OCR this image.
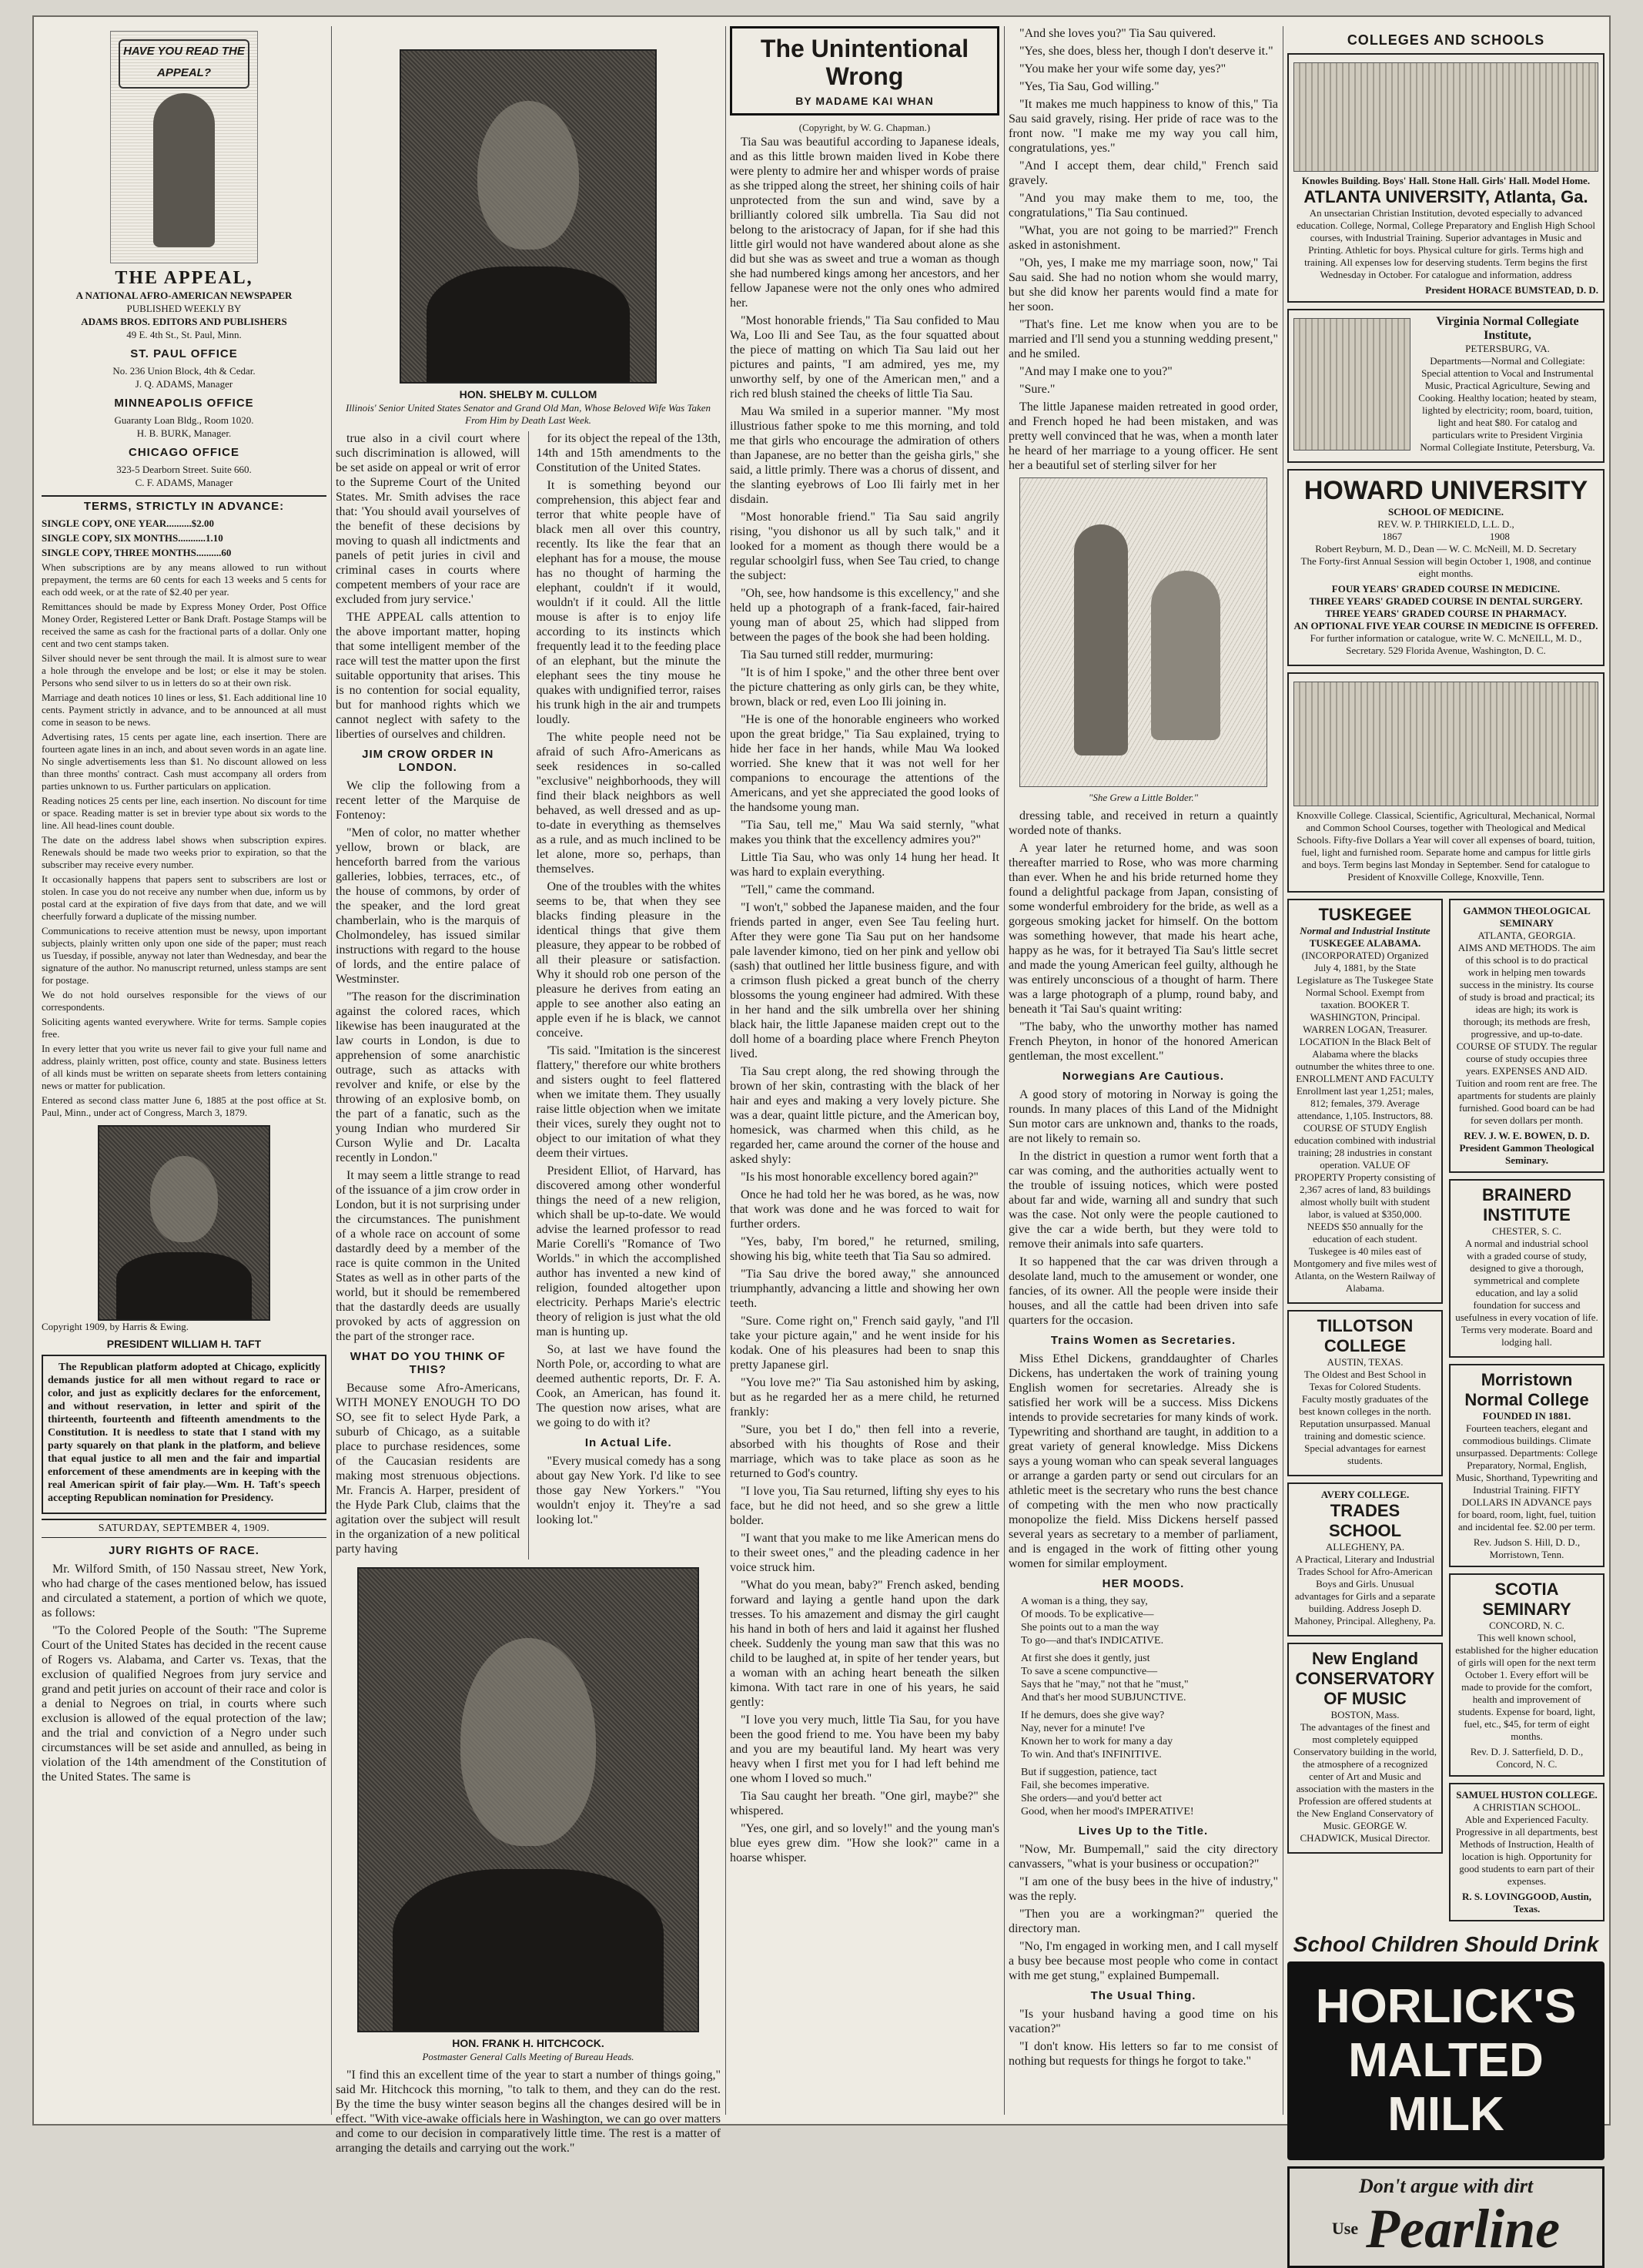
HAVE YOU READ THE APPEAL?
THE APPEAL,
A NATIONAL AFRO-AMERICAN NEWSPAPER
PUBLISHED WEEKLY BY
ADAMS BROS. EDITORS AND PUBLISHERS
49 E. 4th St., St. Paul, Minn.
ST. PAUL OFFICE
No. 236 Union Block, 4th & Cedar.
J. Q. ADAMS, Manager
MINNEAPOLIS OFFICE
Guaranty Loan Bldg., Room 1020.
H. B. BURK, Manager.
CHICAGO OFFICE
323-5 Dearborn Street. Suite 660.
C. F. ADAMS, Manager
TERMS, STRICTLY IN ADVANCE:
SINGLE COPY, ONE YEAR..........$2.00
SINGLE COPY, SIX MONTHS...........1.10
SINGLE COPY, THREE MONTHS..........60
When subscriptions are by any means allowed to run without prepayment, the terms are 60 cents for each 13 weeks and 5 cents for each odd week, or at the rate of $2.40 per year.
Remittances should be made by Express Money Order, Post Office Money Order, Registered Letter or Bank Draft. Postage Stamps will be received the same as cash for the fractional parts of a dollar. Only one cent and two cent stamps taken.
Silver should never be sent through the mail. It is almost sure to wear a hole through the envelope and be lost; or else it may be stolen. Persons who send silver to us in letters do so at their own risk.
Marriage and death notices 10 lines or less, $1. Each additional line 10 cents. Payment strictly in advance, and to be announced at all must come in season to be news.
Advertising rates, 15 cents per agate line, each insertion. There are fourteen agate lines in an inch, and about seven words in an agate line. No single advertisements less than $1. No discount allowed on less than three months' contract. Cash must accompany all orders from parties unknown to us. Further particulars on application.
Reading notices 25 cents per line, each insertion. No discount for time or space. Reading matter is set in brevier type about six words to the line. All head-lines count double.
The date on the address label shows when subscription expires. Renewals should be made two weeks prior to expiration, so that the subscriber may receive every number.
It occasionally happens that papers sent to subscribers are lost or stolen. In case you do not receive any number when due, inform us by postal card at the expiration of five days from that date, and we will cheerfully forward a duplicate of the missing number.
Communications to receive attention must be newsy, upon important subjects, plainly written only upon one side of the paper; must reach us Tuesday, if possible, anyway not later than Wednesday, and bear the signature of the author. No manuscript returned, unless stamps are sent for postage.
We do not hold ourselves responsible for the views of our correspondents.
Soliciting agents wanted everywhere. Write for terms. Sample copies free.
In every letter that you write us never fail to give your full name and address, plainly written, post office, county and state. Business letters of all kinds must be written on separate sheets from letters containing news or matter for publication.
Entered as second class matter June 6, 1885 at the post office at St. Paul, Minn., under act of Congress, March 3, 1879.
Copyright 1909, by Harris & Ewing.
PRESIDENT WILLIAM H. TAFT

The Republican platform adopted at Chicago, explicitly demands justice for all men without regard to race or color, and just as explicitly declares for the enforcement, and without reservation, in letter and spirit of the thirteenth, fourteenth and fifteenth amendments to the Constitution. It is needless to state that I stand with my party squarely on that plank in the platform, and believe that equal justice to all men and the fair and impartial enforcement of these amendments are in keeping with the real American spirit of fair play.—Wm. H. Taft's speech accepting Republican nomination for Presidency.

SATURDAY, SEPTEMBER 4, 1909.
JURY RIGHTS OF RACE.

Mr. Wilford Smith, of 150 Nassau street, New York, who had charge of the cases mentioned below, has issued and circulated a statement, a portion of which we quote, as follows:

"To the Colored People of the South: "The Supreme Court of the United States has decided in the recent cause of Rogers vs. Alabama, and Carter vs. Texas, that the exclusion of qualified Negroes from jury service and grand and petit juries on account of their race and color is a denial to Negroes on trial, in courts where such exclusion is allowed of the equal protection of the law; and the trial and conviction of a Negro under such circumstances will be set aside and annulled, as being in violation of the 14th amendment of the Constitution of the United States. The same is

HON. SHELBY M. CULLOM
Illinois' Senior United States Senator and Grand Old Man, Whose Beloved Wife Was Taken From Him by Death Last Week.

true also in a civil court where such discrimination is allowed, will be set aside on appeal or writ of error to the Supreme Court of the United States. Mr. Smith advises the race that: 'You should avail yourselves of the benefit of these decisions by moving to quash all indictments and panels of petit juries in civil and criminal cases in courts where competent members of your race are excluded from jury service.'

THE APPEAL calls attention to the above important matter, hoping that some intelligent member of the race will test the matter upon the first suitable opportunity that arises. This is no contention for social equality, but for manhood rights which we cannot neglect with safety to the liberties of ourselves and children.

JIM CROW ORDER IN LONDON.

We clip the following from a recent letter of the Marquise de Fontenoy:

"Men of color, no matter whether yellow, brown or black, are henceforth barred from the various galleries, lobbies, terraces, etc., of the house of commons, by order of the speaker, and the lord great chamberlain, who is the marquis of Cholmondeley, has issued similar instructions with regard to the house of lords, and the entire palace of Westminster.

"The reason for the discrimination against the colored races, which likewise has been inaugurated at the law courts in London, is due to apprehension of some anarchistic outrage, such as attacks with revolver and knife, or else by the throwing of an explosive bomb, on the part of a fanatic, such as the young Indian who murdered Sir Curson Wylie and Dr. Lacalta recently in London."

It may seem a little strange to read of the issuance of a jim crow order in London, but it is not surprising under the circumstances. The punishment of a whole race on account of some dastardly deed by a member of the race is quite common in the United States as well as in other parts of the world, but it should be remembered that the dastardly deeds are usually provoked by acts of aggression on the part of the stronger race.

WHAT DO YOU THINK OF THIS?

Because some Afro-Americans, WITH MONEY ENOUGH TO DO SO, see fit to select Hyde Park, a suburb of Chicago, as a suitable place to purchase residences, some of the Caucasian residents are making most strenuous objections. Mr. Francis A. Harper, president of the Hyde Park Club, claims that the agitation over the subject will result in the organization of a new political party having

for its object the repeal of the 13th, 14th and 15th amendments to the Constitution of the United States.

It is something beyond our comprehension, this abject fear and terror that white people have of black men all over this country, recently. Its like the fear that an elephant has for a mouse, the mouse has no thought of harming the elephant, couldn't if it would, wouldn't if it could. All the little mouse is after is to enjoy life according to its instincts which frequently lead it to the feeding place of an elephant, but the minute the elephant sees the tiny mouse he quakes with undignified terror, raises his trunk high in the air and trumpets loudly.

The white people need not be afraid of such Afro-Americans as seek residences in so-called "exclusive" neighborhoods, they will find their black neighbors as well behaved, as well dressed and as up-to-date in everything as themselves as a rule, and as much inclined to be let alone, more so, perhaps, than themselves.

One of the troubles with the whites seems to be, that when they see blacks finding pleasure in the identical things that give them pleasure, they appear to be robbed of all their pleasure or satisfaction. Why it should rob one person of the pleasure he derives from eating an apple to see another also eating an apple even if he is black, we cannot conceive.

'Tis said. "Imitation is the sincerest flattery," therefore our white brothers and sisters ought to feel flattered when we imitate them. They usually raise little objection when we imitate their vices, surely they ought not to object to our imitation of what they deem their virtues.

President Elliot, of Harvard, has discovered among other wonderful things the need of a new religion, which shall be up-to-date. We would advise the learned professor to read Marie Corelli's "Romance of Two Worlds." in which the accomplished author has invented a new kind of religion, founded altogether upon electricity. Perhaps Marie's electric theory of religion is just what the old man is hunting up.

So, at last we have found the North Pole, or, according to what are deemed authentic reports, Dr. F. A. Cook, an American, has found it. The question now arises, what are we going to do with it?

In Actual Life.

"Every musical comedy has a song about gay New York. I'd like to see those gay New Yorkers." "You wouldn't enjoy it. They're a sad looking lot."

HON. FRANK H. HITCHCOCK.
Postmaster General Calls Meeting of Bureau Heads.

"I find this an excellent time of the year to start a number of things going," said Mr. Hitchcock this morning, "to talk to them, and they can do the rest. By the time the busy winter season begins all the changes desired will be in effect. "With vice-awake officials here in Washington, we can go over matters and come to our decision in comparatively little time. The rest is a matter of arranging the details and carrying out the work."

The Unintentional Wrong
BY MADAME KAI WHAN
(Copyright, by W. G. Chapman.)

Tia Sau was beautiful according to Japanese ideals, and as this little brown maiden lived in Kobe there were plenty to admire her and whisper words of praise as she tripped along the street, her shining coils of hair unprotected from the sun and wind, save by a brilliantly colored silk umbrella. Tia Sau did not belong to the aristocracy of Japan, for if she had this little girl would not have wandered about alone as she did but she was as sweet and true a woman as though she had numbered kings among her ancestors, and her fellow Japanese were not the only ones who admired her.

"Most honorable friends," Tia Sau confided to Mau Wa, Loo Ili and See Tau, as the four squatted about the piece of matting on which Tia Sau laid out her pictures and paints, "I am admired, yes me, my unworthy self, by one of the American men," and a rich red blush stained the cheeks of little Tia Sau.

Mau Wa smiled in a superior manner. "My most illustrious father spoke to me this morning, and told me that girls who encourage the admiration of others than Japanese, are no better than the geisha girls," she said, a little primly. There was a chorus of dissent, and the slanting eyebrows of Loo Ili fairly met in her disdain.

"Most honorable friend." Tia Sau said angrily rising, "you dishonor us all by such talk," and it looked for a moment as though there would be a regular schoolgirl fuss, when See Tau cried, to change the subject:

"Oh, see, how handsome is this excellency," and she held up a photograph of a frank-faced, fair-haired young man of about 25, which had slipped from between the pages of the book she had been holding.

Tia Sau turned still redder, murmuring:

"It is of him I spoke," and the other three bent over the picture chattering as only girls can, be they white, brown, black or red, even Loo Ili joining in.

"He is one of the honorable engineers who worked upon the great bridge," Tia Sau explained, trying to hide her face in her hands, while Mau Wa looked worried. She knew that it was not well for her companions to encourage the attentions of the Americans, and yet she appreciated the good looks of the handsome young man.

"Tia Sau, tell me," Mau Wa said sternly, "what makes you think that the excellency admires you?"

Little Tia Sau, who was only 14 hung her head. It was hard to explain everything.

"Tell," came the command.

"I won't," sobbed the Japanese maiden, and the four friends parted in anger, even See Tau feeling hurt. After they were gone Tia Sau put on her handsome pale lavender kimono, tied on her pink and yellow obi (sash) that outlined her little business figure, and with a crimson flush picked a great bunch of the cherry blossoms the young engineer had admired. With these in her hand and the silk umbrella over her shining black hair, the little Japanese maiden crept out to the doll home of a boarding place where French Pheyton lived.

Tia Sau crept along, the red showing through the brown of her skin, contrasting with the black of her hair and eyes and making a very lovely picture. She was a dear, quaint little picture, and the American boy, homesick, was charmed when this child, as he regarded her, came around the corner of the house and asked shyly:

"Is his most honorable excellency bored again?"

Once he had told her he was bored, as he was, now that work was done and he was forced to wait for further orders.

"Yes, baby, I'm bored," he returned, smiling, showing his big, white teeth that Tia Sau so admired.

"Tia Sau drive the bored away," she announced triumphantly, advancing a little and showing her own teeth.

"Sure. Come right on," French said gayly, "and I'll take your picture again," and he went inside for his kodak. One of his pleasures had been to snap this pretty Japanese girl.

"You love me?" Tia Sau astonished him by asking, but as he regarded her as a mere child, he returned frankly:

"Sure, you bet I do," then fell into a reverie, absorbed with his thoughts of Rose and their marriage, which was to take place as soon as he returned to God's country.

"I love you, Tia Sau returned, lifting shy eyes to his face, but he did not heed, and so she grew a little bolder.

"I want that you make to me like American mens do to their sweet ones," and the pleading cadence in her voice struck him.

"What do you mean, baby?" French asked, bending forward and laying a gentle hand upon the dark tresses. To his amazement and dismay the girl caught his hand in both of hers and laid it against her flushed cheek. Suddenly the young man saw that this was no child to be laughed at, in spite of her tender years, but a woman with an aching heart beneath the silken kimona. With tact rare in one of his years, he said gently:

"I love you very much, little Tia Sau, for you have been the good friend to me. You have been my baby and you are my beautiful land. My heart was very heavy when I first met you for I had left behind me one whom I loved so much."

Tia Sau caught her breath. "One girl, maybe?" she whispered.

"Yes, one girl, and so lovely!" and the young man's blue eyes grew dim. "How she look?" came in a hoarse whisper.

"And she loves you?" Tia Sau quivered.

"Yes, she does, bless her, though I don't deserve it."

"You make her your wife some day, yes?"

"Yes, Tia Sau, God willing."

"It makes me much happiness to know of this," Tia Sau said gravely, rising. Her pride of race was to the front now. "I make me my way you call him, congratulations, yes."

"And I accept them, dear child," French said gravely.

"And you may make them to me, too, the congratulations," Tia Sau continued.

"What, you are not going to be married?" French asked in astonishment.

"Oh, yes, I make me my marriage soon, now," Tai Sau said. She had no notion whom she would marry, but she did know her parents would find a mate for her soon.

"That's fine. Let me know when you are to be married and I'll send you a stunning wedding present," and he smiled.

"And may I make one to you?"

"Sure."

The little Japanese maiden retreated in good order, and French hoped he had been mistaken, and was pretty well convinced that he was, when a month later he heard of her marriage to a young officer. He sent her a beautiful set of sterling silver for her

"She Grew a Little Bolder."

dressing table, and received in return a quaintly worded note of thanks.

A year later he returned home, and was soon thereafter married to Rose, who was more charming than ever. When he and his bride returned home they found a delightful package from Japan, consisting of some wonderful embroidery for the bride, as well as a gorgeous smoking jacket for himself. On the bottom was something however, that made his heart ache, happy as he was, for it betrayed Tia Sau's little secret and made the young American feel guilty, although he was entirely unconscious of a thought of harm. There was a large photograph of a plump, round baby, and beneath it 'Tai Sau's quaint writing:

"The baby, who the unworthy mother has named French Pheyton, in honor of the honored American gentleman, the most excellent."

Norwegians Are Cautious.

A good story of motoring in Norway is going the rounds. In many places of this Land of the Midnight Sun motor cars are unknown and, thanks to the roads, are not likely to remain so.

In the district in question a rumor went forth that a car was coming, and the authorities actually went to the trouble of issuing notices, which were posted about far and wide, warning all and sundry that such was the case. Not only were the people cautioned to give the car a wide berth, but they were told to remove their animals into safe quarters.

It so happened that the car was driven through a desolate land, much to the amusement or wonder, one fancies, of its owner. All the people were inside their houses, and all the cattle had been driven into safe quarters for the occasion.

Trains Women as Secretaries.

Miss Ethel Dickens, granddaughter of Charles Dickens, has undertaken the work of training young English women for secretaries. Already she is satisfied her work will be a success. Miss Dickens intends to provide secretaries for many kinds of work. Typewriting and shorthand are taught, in addition to a great variety of general knowledge. Miss Dickens says a young woman who can speak several languages or arrange a garden party or send out circulars for an athletic meet is the secretary who runs the best chance of competing with the men who now practically monopolize the field. Miss Dickens herself passed several years as secretary to a member of parliament, and is engaged in the work of fitting other young women for similar employment.

HER MOODS.
A woman is a thing, they say,
Of moods. To be explicative—
She points out to a man the way
To go—and that's INDICATIVE.
At first she does it gently, just
To save a scene compunctive—
Says that he "may," not that he "must,"
And that's her mood SUBJUNCTIVE.
If he demurs, does she give way?
Nay, never for a minute! I've
Known her to work for many a day
To win. And that's INFINITIVE.
But if suggestion, patience, tact
Fail, she becomes imperative.
She orders—and you'd better act
Good, when her mood's IMPERATIVE!
Lives Up to the Title.

"Now, Mr. Bumpemall," said the city directory canvassers, "what is your business or occupation?"

"I am one of the busy bees in the hive of industry," was the reply.

"Then you are a workingman?" queried the directory man.

"No, I'm engaged in working men, and I call myself a busy bee because most people who come in contact with me get stung," explained Bumpemall.

The Usual Thing.

"Is your husband having a good time on his vacation?"

"I don't know. His letters so far to me consist of nothing but requests for things he forgot to take."

COLLEGES AND SCHOOLS
Knowles Building. Boys' Hall. Stone Hall. Girls' Hall. Model Home.
ATLANTA UNIVERSITY, Atlanta, Ga.

An unsectarian Christian Institution, devoted especially to advanced education. College, Normal, College Preparatory and English High School courses, with Industrial Training. Superior advantages in Music and Printing. Athletic for boys. Physical culture for girls. Terms high and training. All expenses low for deserving students. Term begins the first Wednesday in October. For catalogue and information, address

President HORACE BUMSTEAD, D. D.
Virginia Normal Collegiate Institute,
PETERSBURG, VA.

Departments—Normal and Collegiate: Special attention to Vocal and Instrumental Music, Practical Agriculture, Sewing and Cooking. Healthy location; heated by steam, lighted by electricity; room, board, tuition, light and heat $80. For catalog and particulars write to President Virginia Normal Collegiate Institute, Petersburg, Va.

HOWARD UNIVERSITY
SCHOOL OF MEDICINE.
REV. W. P. THIRKIELD, L.L. D.,
1867                                   1908
Robert Reyburn, M. D., Dean — W. C. McNeill, M. D. Secretary

The Forty-first Annual Session will begin October 1, 1908, and continue eight months.

FOUR YEARS' GRADED COURSE IN MEDICINE.
THREE YEARS' GRADED COURSE IN DENTAL SURGERY.
THREE YEARS' GRADED COURSE IN PHARMACY.
AN OPTIONAL FIVE YEAR COURSE IN MEDICINE IS OFFERED.

For further information or catalogue, write W. C. McNEILL, M. D., Secretary. 529 Florida Avenue, Washington, D. C.

Knoxville College. Classical, Scientific, Agricultural, Mechanical, Normal and Common School Courses, together with Theological and Medical Schools. Fifty-five Dollars a Year will cover all expenses of board, tuition, fuel, light and furnished room. Separate home and campus for little girls and boys. Term begins last Monday in September. Send for catalogue to President of Knoxville College, Knoxville, Tenn.

TUSKEGEE
Normal and Industrial Institute
TUSKEGEE ALABAMA.

(INCORPORATED) Organized July 4, 1881, by the State Legislature as The Tuskegee State Normal School. Exempt from taxation. BOOKER T. WASHINGTON, Principal. WARREN LOGAN, Treasurer. LOCATION In the Black Belt of Alabama where the blacks outnumber the whites three to one. ENROLLMENT AND FACULTY Enrollment last year 1,251; males, 812; females, 379. Average attendance, 1,105. Instructors, 88. COURSE OF STUDY English education combined with industrial training; 28 industries in constant operation. VALUE OF PROPERTY Property consisting of 2,367 acres of land, 83 buildings almost wholly built with student labor, is valued at $350,000. NEEDS $50 annually for the education of each student. Tuskegee is 40 miles east of Montgomery and five miles west of Atlanta, on the Western Railway of Alabama.

TILLOTSON COLLEGE
AUSTIN, TEXAS.

The Oldest and Best School in Texas for Colored Students. Faculty mostly graduates of the best known colleges in the north. Reputation unsurpassed. Manual training and domestic science. Special advantages for earnest students.

AVERY COLLEGE.
TRADES SCHOOL
ALLEGHENY, PA.

A Practical, Literary and Industrial Trades School for Afro-American Boys and Girls. Unusual advantages for Girls and a separate building. Address Joseph D. Mahoney, Principal. Allegheny, Pa.

New England CONSERVATORY OF MUSIC
BOSTON, Mass.

The advantages of the finest and most completely equipped Conservatory building in the world, the atmosphere of a recognized center of Art and Music and association with the masters in the Profession are offered students at the New England Conservatory of Music. GEORGE W. CHADWICK, Musical Director.

GAMMON THEOLOGICAL SEMINARY
ATLANTA, GEORGIA.

AIMS AND METHODS. The aim of this school is to do practical work in helping men towards success in the ministry. Its course of study is broad and practical; its ideas are high; its work is thorough; its methods are fresh, progressive, and up-to-date. COURSE OF STUDY. The regular course of study occupies three years. EXPENSES AND AID. Tuition and room rent are free. The apartments for students are plainly furnished. Good board can be had for seven dollars per month.

REV. J. W. E. BOWEN, D. D. President Gammon Theological Seminary.
BRAINERD INSTITUTE
CHESTER, S. C.

A normal and industrial school with a graded course of study, designed to give a thorough, symmetrical and complete education, and lay a solid foundation for success and usefulness in every vocation of life. Terms very moderate. Board and lodging hall.

Morristown Normal College
FOUNDED IN 1881.

Fourteen teachers, elegant and commodious buildings. Climate unsurpassed. Departments: College Preparatory, Normal, English, Music, Shorthand, Typewriting and Industrial Training. FIFTY DOLLARS IN ADVANCE pays for board, room, light, fuel, tuition and incidental fee. $2.00 per term.

Rev. Judson S. Hill, D. D., Morristown, Tenn.
SCOTIA SEMINARY
CONCORD, N. C.

This well known school, established for the higher education of girls will open for the next term October 1. Every effort will be made to provide for the comfort, health and improvement of students. Expense for board, light, fuel, etc., $45, for term of eight months.

Rev. D. J. Satterfield, D. D., Concord, N. C.
SAMUEL HUSTON COLLEGE.
A CHRISTIAN SCHOOL.

Able and Experienced Faculty. Progressive in all departments, best Methods of Instruction, Health of location is high. Opportunity for good students to earn part of their expenses.

R. S. LOVINGGOOD, Austin, Texas.
School Children Should Drink
HORLICK'S
MALTED MILK
Don't argue with dirt
Use Pearline
